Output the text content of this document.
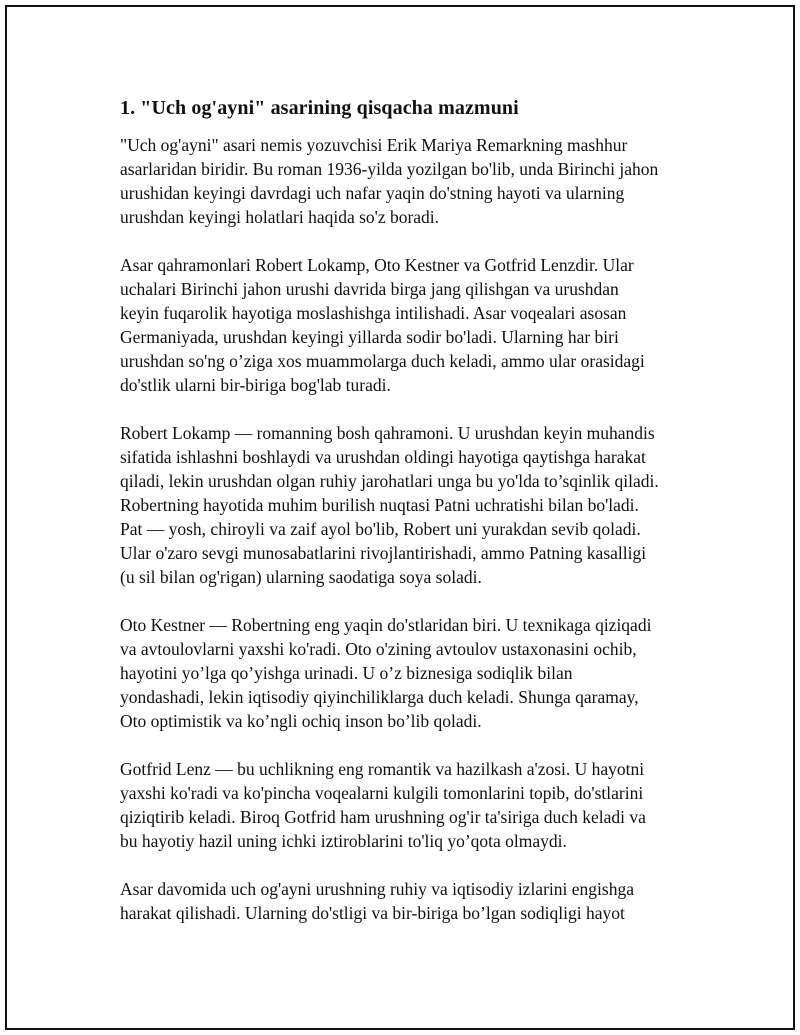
1. "Uch og'ayni" asarining qisqacha mazmuni
"Uch og'ayni" asari nemis yozuvchisi Erik Mariya Remarkning mashhur
asarlaridan biridir. Bu roman 1936-yilda yozilgan bo'lib, unda Birinchi jahon
urushidan keyingi davrdagi uch nafar yaqin do'stning hayoti va ularning
urushdan keyingi holatlari haqida so'z boradi.
Asar qahramonlari Robert Lokamp, Oto Kestner va Gotfrid Lenzdir. Ular
uchalari Birinchi jahon urushi davrida birga jang qilishgan va urushdan
keyin fuqarolik hayotiga moslashishga intilishadi. Asar voqealari asosan
Germaniyada, urushdan keyingi yillarda sodir bo'ladi. Ularning har biri
urushdan so'ng o’ziga xos muammolarga duch keladi, ammo ular orasidagi
do'stlik ularni bir-biriga bog'lab turadi.
Robert Lokamp — romanning bosh qahramoni. U urushdan keyin muhandis
sifatida ishlashni boshlaydi va urushdan oldingi hayotiga qaytishga harakat
qiladi, lekin urushdan olgan ruhiy jarohatlari unga bu yo'lda to’sqinlik qiladi.
Robertning hayotida muhim burilish nuqtasi Patni uchratishi bilan bo'ladi.
Pat — yosh, chiroyli va zaif ayol bo'lib, Robert uni yurakdan sevib qoladi.
Ular o'zaro sevgi munosabatlarini rivojlantirishadi, ammo Patning kasalligi
(u sil bilan og'rigan) ularning saodatiga soya soladi.
Oto Kestner — Robertning eng yaqin do'stlaridan biri. U texnikaga qiziqadi
va avtoulovlarni yaxshi ko'radi. Oto o'zining avtoulov ustaxonasini ochib,
hayotini yo’lga qo’yishga urinadi. U o’z biznesiga sodiqlik bilan
yondashadi, lekin iqtisodiy qiyinchiliklarga duch keladi. Shunga qaramay,
Oto optimistik va ko’ngli ochiq inson bo’lib qoladi.
Gotfrid Lenz — bu uchlikning eng romantik va hazilkash a'zosi. U hayotni
yaxshi ko'radi va ko'pincha voqealarni kulgili tomonlarini topib, do'stlarini
qiziqtirib keladi. Biroq Gotfrid ham urushning og'ir ta'siriga duch keladi va
bu hayotiy hazil uning ichki iztiroblarini to'liq yo’qota olmaydi.
Asar davomida uch og'ayni urushning ruhiy va iqtisodiy izlarini engishga
harakat qilishadi. Ularning do'stligi va bir-biriga bo’lgan sodiqligi hayot
